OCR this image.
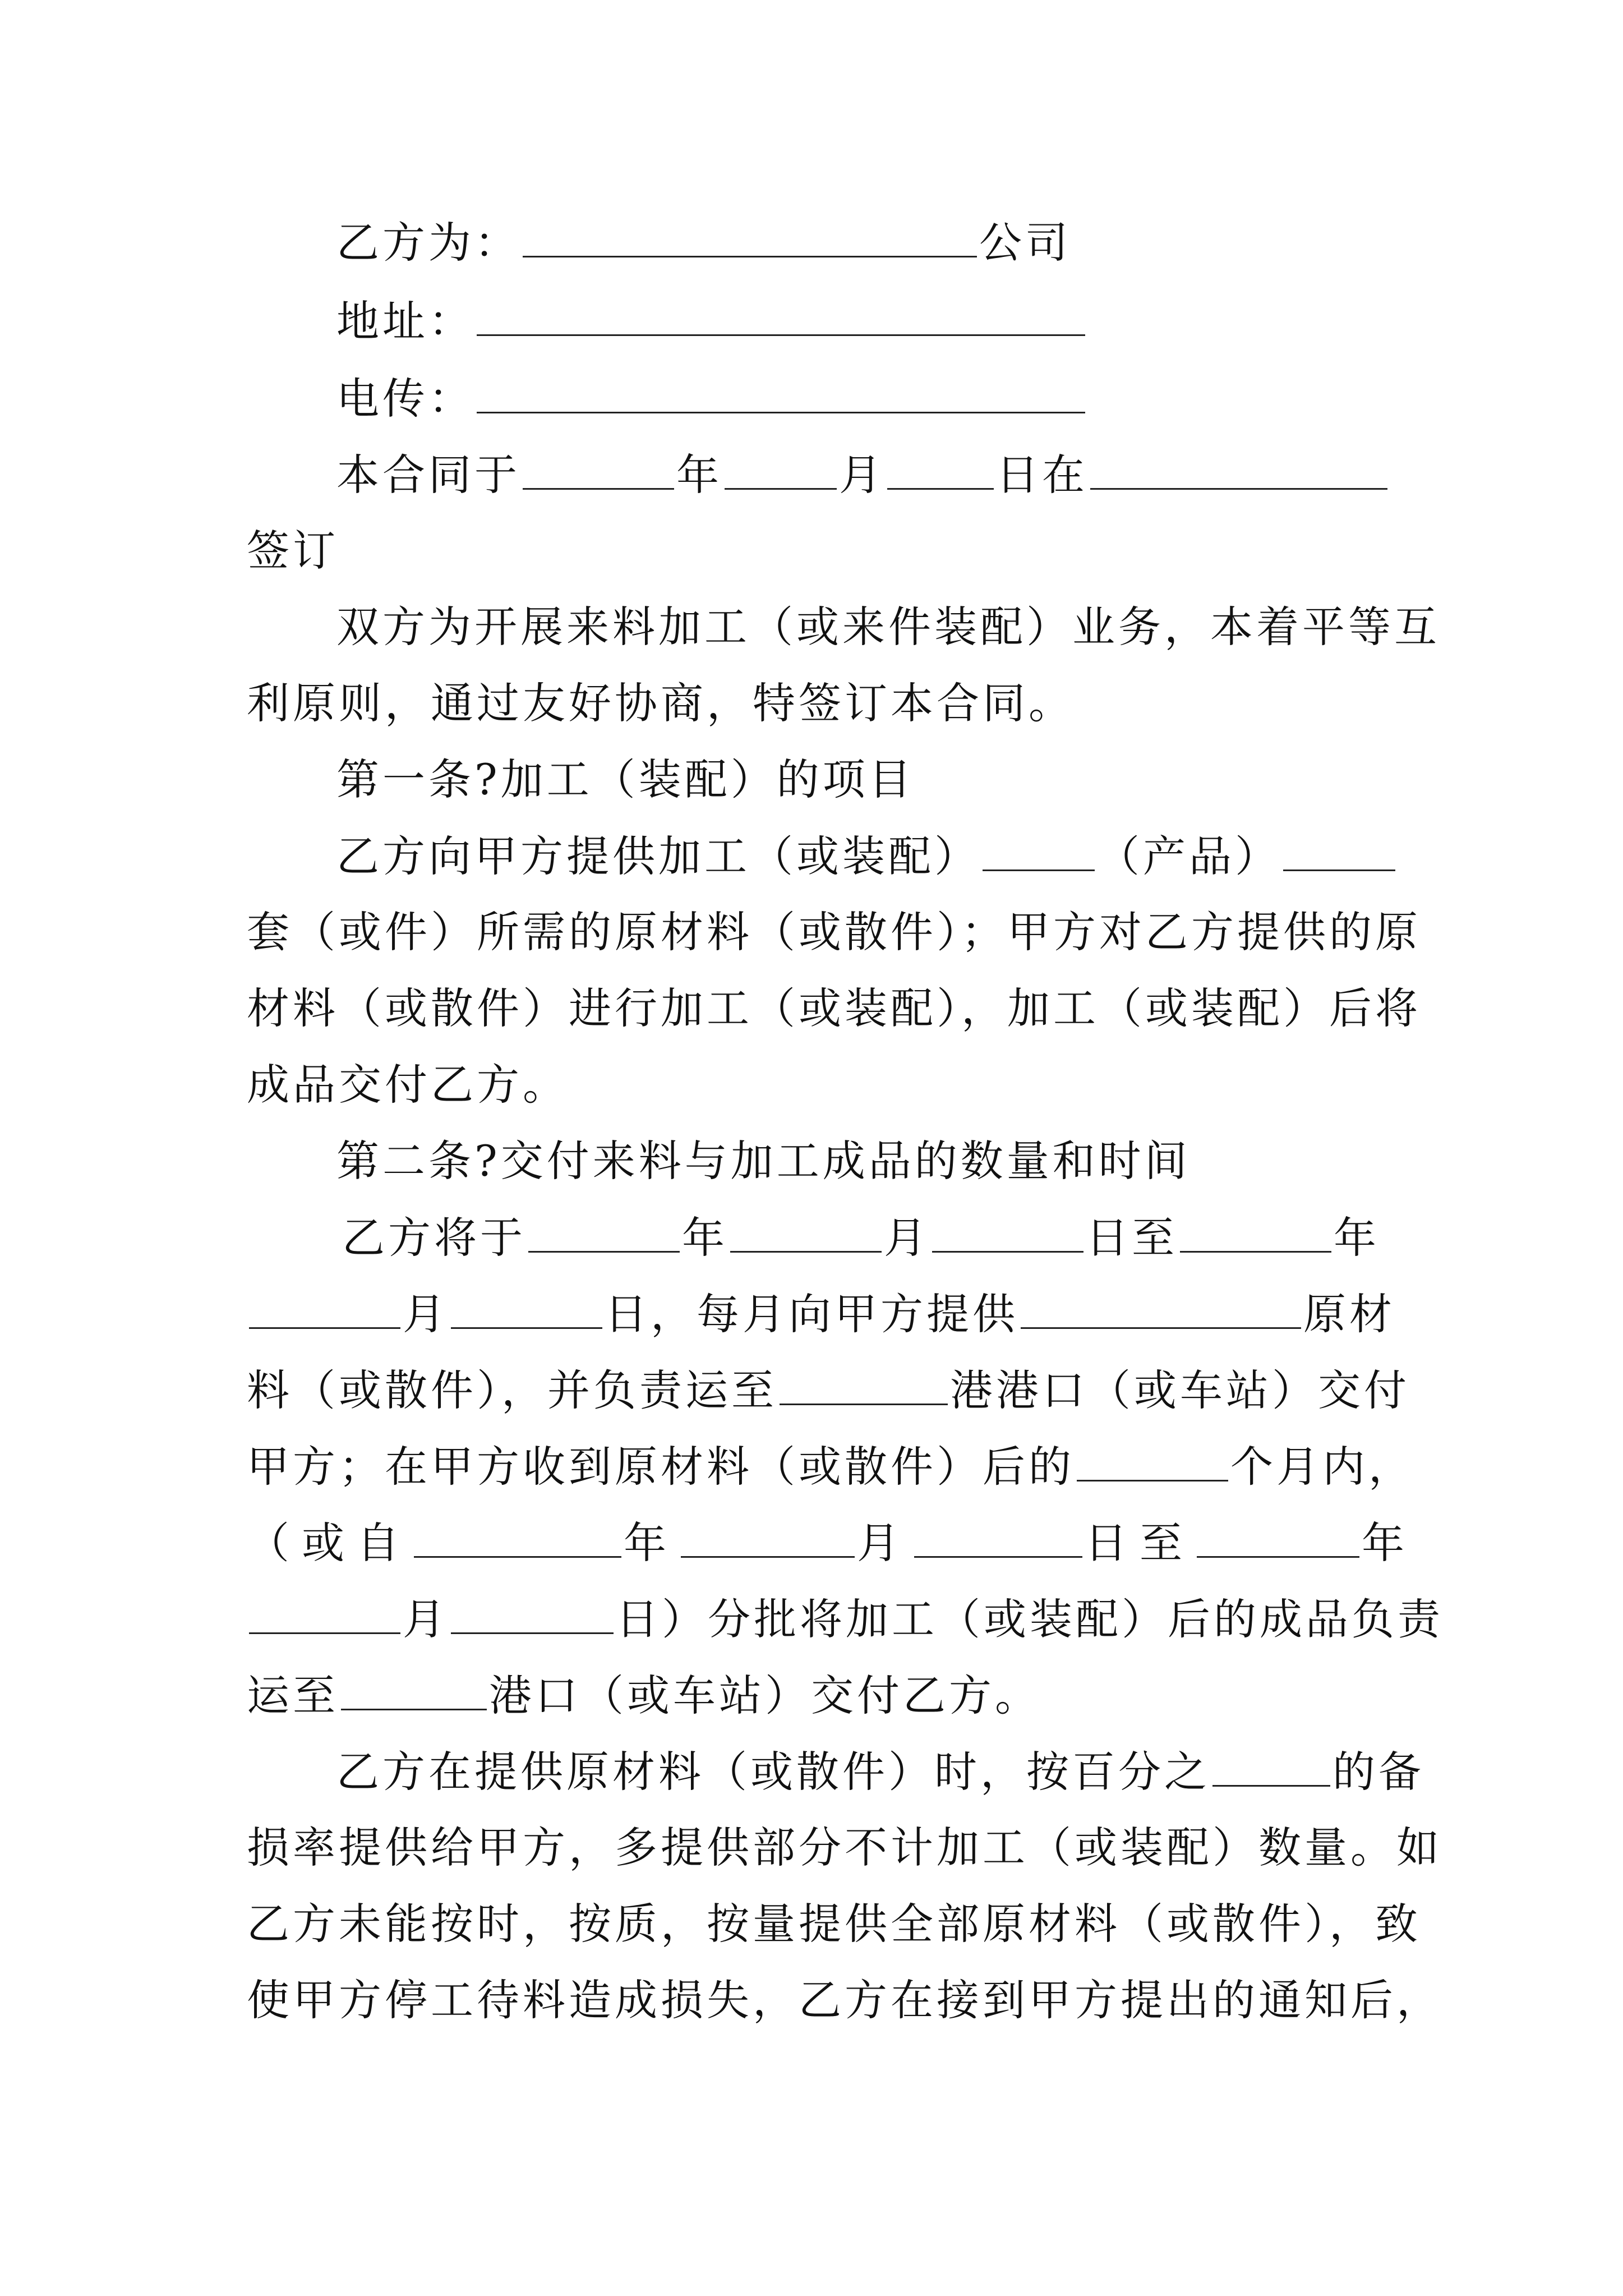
乙方为：	公司
地址：
电传：
本合同于	年	月	日在
签订
双方为开展来料加工（或来件装配）业务，本着平等互
利原则，通过友好协商，特签订本合同。
第一条?加工（装配）的项目
乙方向甲方提供加工（或装配）	（产品）
套（或件）所需的原材料（或散件）；甲方对乙方提供的原
材料（或散件）进行加工（或装配），加工（或装配）后将
成品交付乙方。
第二条?交付来料与加工成品的数量和时间
乙方将于	年	月	日至	年
月	日，每月向甲方提供	原材
料（或散件），并负责运至	港港口（或车站）交付
甲方；在甲方收到原材料（或散件）后的	个月内，
（或自	年	月	日至	年
月	日）分批将加工（或装配）后的成品负责
运至	港口（或车站）交付乙方。
乙方在提供原材料（或散件）时，按百分之	的备
损率提供给甲方，多提供部分不计加工（或装配）数量。如
乙方未能按时，按质，按量提供全部原材料（或散件），致
使甲方停工待料造成损失，乙方在接到甲方提出的通知后，
